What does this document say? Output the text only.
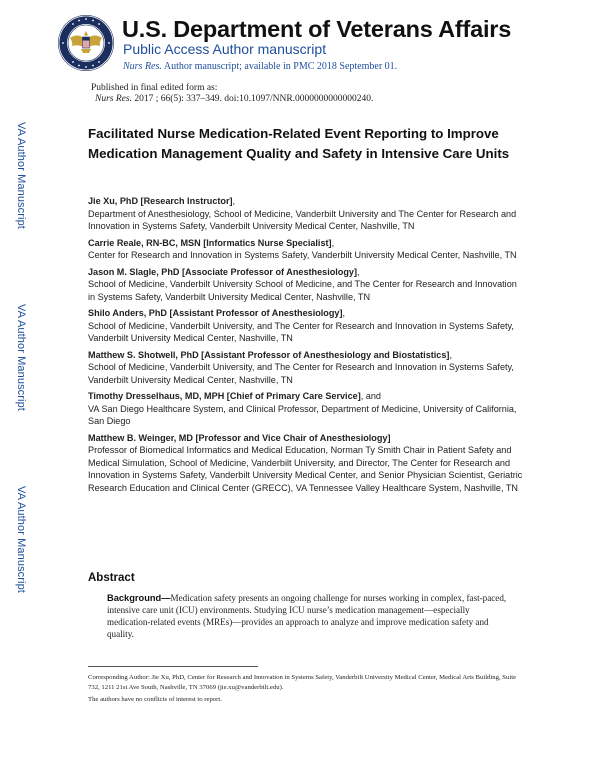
U.S. Department of Veterans Affairs
Public Access Author manuscript
Nurs Res. Author manuscript; available in PMC 2018 September 01.
Published in final edited form as:
Nurs Res. 2017 ; 66(5): 337–349. doi:10.1097/NNR.0000000000000240.
VA Author Manuscript
VA Author Manuscript
VA Author Manuscript
Facilitated Nurse Medication-Related Event Reporting to Improve Medication Management Quality and Safety in Intensive Care Units
Jie Xu, PhD [Research Instructor],
Department of Anesthesiology, School of Medicine, Vanderbilt University and The Center for Research and Innovation in Systems Safety, Vanderbilt University Medical Center, Nashville, TN
Carrie Reale, RN-BC, MSN [Informatics Nurse Specialist],
Center for Research and Innovation in Systems Safety, Vanderbilt University Medical Center, Nashville, TN
Jason M. Slagle, PhD [Associate Professor of Anesthesiology],
School of Medicine, Vanderbilt University School of Medicine, and The Center for Research and Innovation in Systems Safety, Vanderbilt University Medical Center, Nashville, TN
Shilo Anders, PhD [Assistant Professor of Anesthesiology],
School of Medicine, Vanderbilt University, and The Center for Research and Innovation in Systems Safety, Vanderbilt University Medical Center, Nashville, TN
Matthew S. Shotwell, PhD [Assistant Professor of Anesthesiology and Biostatistics],
School of Medicine, Vanderbilt University, and The Center for Research and Innovation in Systems Safety, Vanderbilt University Medical Center, Nashville, TN
Timothy Dresselhaus, MD, MPH [Chief of Primary Care Service], and
VA San Diego Healthcare System, and Clinical Professor, Department of Medicine, University of California, San Diego
Matthew B. Weinger, MD [Professor and Vice Chair of Anesthesiology]
Professor of Biomedical Informatics and Medical Education, Norman Ty Smith Chair in Patient Safety and Medical Simulation, School of Medicine, Vanderbilt University, and Director, The Center for Research and Innovation in Systems Safety, Vanderbilt University Medical Center, and Senior Physician Scientist, Geriatric Research Education and Clinical Center (GRECC), VA Tennessee Valley Healthcare System, Nashville, TN
Abstract
Background—Medication safety presents an ongoing challenge for nurses working in complex, fast-paced, intensive care unit (ICU) environments. Studying ICU nurse’s medication management—especially medication-related events (MREs)—provides an approach to analyze and improve medication safety and quality.

Corresponding Author: Jie Xu, PhD, Center for Research and Innovation in Systems Safety, Vanderbilt University Medical Center, Medical Arts Building, Suite 732, 1211 21st Ave South, Nashville, TN 37069 (jie.xu@vanderbilt.edu).

The authors have no conflicts of interest to report.
